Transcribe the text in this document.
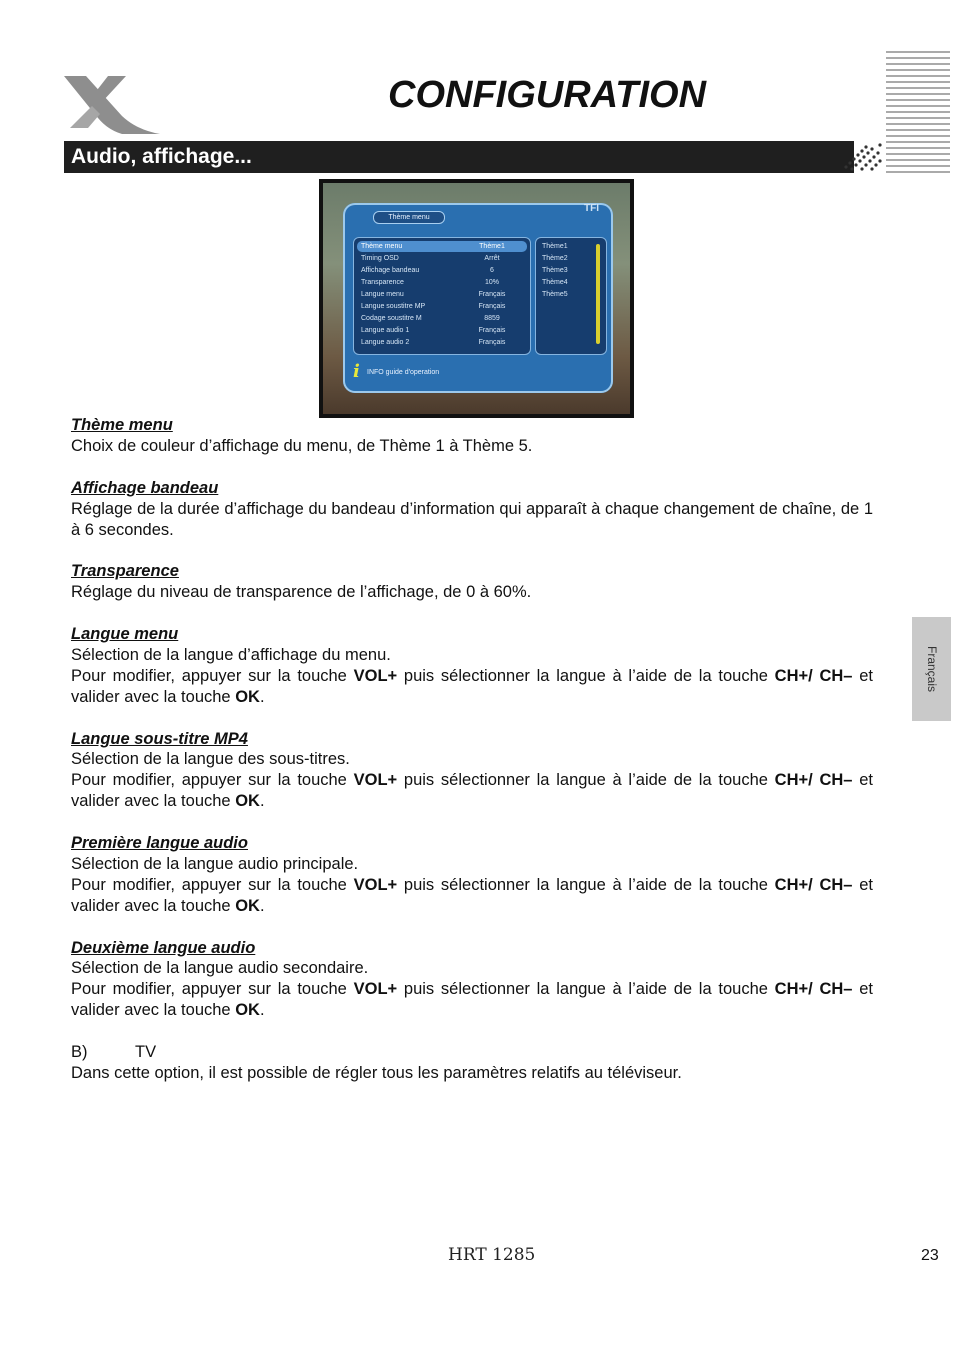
CONFIGURATION
Audio, affichage...
Thème menu
TFI
Thème menu	Thème1
Timing OSD	Arrêt
Affichage bandeau	6
Transparence	10%
Langue menu	Français
Langue soustitre MP	Français
Codage soustitre M	8859
Langue audio 1	Français
Langue audio 2	Français
Thème1
Thème2
Thème3
Thème4
Thème5
i INFO guide d'operation

Thème menu

Choix de couleur d’affichage du menu, de Thème 1 à Thème 5.

Affichage bandeau

Réglage de la durée d’affichage du bandeau d’information qui apparaît à chaque changement de chaîne, de 1 à 6 secondes.

Transparence

Réglage du niveau de transparence de l’affichage, de 0 à 60%.

Langue menu

Sélection de la langue d’affichage du menu.

Pour modifier, appuyer sur la touche VOL+ puis sélectionner la langue à l’aide de la touche CH+/ CH– et valider avec la touche OK.

Langue sous-titre MP4

Sélection de la langue des sous-titres.

Pour modifier, appuyer sur la touche VOL+ puis sélectionner la langue à l’aide de la touche CH+/ CH– et valider avec la touche OK.

Première langue audio

Sélection de la langue audio principale.

Pour modifier, appuyer sur la touche VOL+ puis sélectionner la langue à l’aide de la touche CH+/ CH– et valider avec la touche OK.

Deuxième langue audio

Sélection de la langue audio secondaire.

Pour modifier, appuyer sur la touche VOL+ puis sélectionner la langue à l’aide de la touche CH+/ CH– et valider avec la touche OK.

B)	TV

Dans cette option, il est possible de régler tous les paramètres relatifs au téléviseur.

Français
HRT 1285	23
